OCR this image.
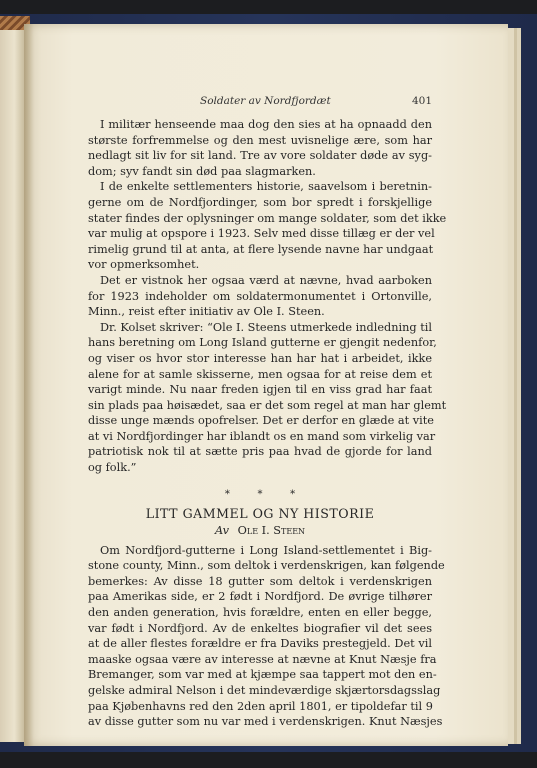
Soldater av Nordfjordæt	401
I militær henseende maa dog den sies at ha opnaadd den
største forfremmelse og den mest uvisnelige ære, som har
nedlagt sit liv for sit land. Tre av vore soldater døde av syg-
dom; syv fandt sin død paa slagmarken.
I de enkelte settlementers historie, saavelsom i beretnin-
gerne om de Nordfjordinger, som bor spredt i forskjellige
stater findes der oplysninger om mange soldater, som det ikke
var mulig at opspore i 1923. Selv med disse tillæg er der vel
rimelig grund til at anta, at flere lysende navne har undgaat
vor opmerksomhet.
Det er vistnok her ogsaa værd at nævne, hvad aarboken
for 1923 indeholder om soldatermonumentet i Ortonville,
Minn., reist efter initiativ av Ole I. Steen.
Dr. Kolset skriver: “Ole I. Steens utmerkede indledning til
hans beretning om Long Island gutterne er gjengit nedenfor,
og viser os hvor stor interesse han har hat i arbeidet, ikke
alene for at samle skisserne, men ogsaa for at reise dem et
varigt minde. Nu naar freden igjen til en viss grad har faat
sin plads paa høisædet, saa er det som regel at man har glemt
disse unge mænds opofrelser. Det er derfor en glæde at vite
at vi Nordfjordinger har iblandt os en mand som virkelig var
patriotisk nok til at sætte pris paa hvad de gjorde for land
og folk.”
*	*	*
LITT GAMMEL OG NY HISTORIE
Av Ole I. Steen
Om Nordfjord-gutterne i Long Island-settlementet i Big-
stone county, Minn., som deltok i verdenskrigen, kan følgende
bemerkes: Av disse 18 gutter som deltok i verdenskrigen
paa Amerikas side, er 2 født i Nordfjord. De øvrige tilhører
den anden generation, hvis forældre, enten en eller begge,
var født i Nordfjord. Av de enkeltes biografier vil det sees
at de aller flestes forældre er fra Daviks prestegjeld. Det vil
maaske ogsaa være av interesse at nævne at Knut Næsje fra
Bremanger, som var med at kjæmpe saa tappert mot den en-
gelske admiral Nelson i det mindeværdige skjærtorsdagsslag
paa Kjøbenhavns red den 2den april 1801, er tipoldefar til 9
av disse gutter som nu var med i verdenskrigen. Knut Næsjes
